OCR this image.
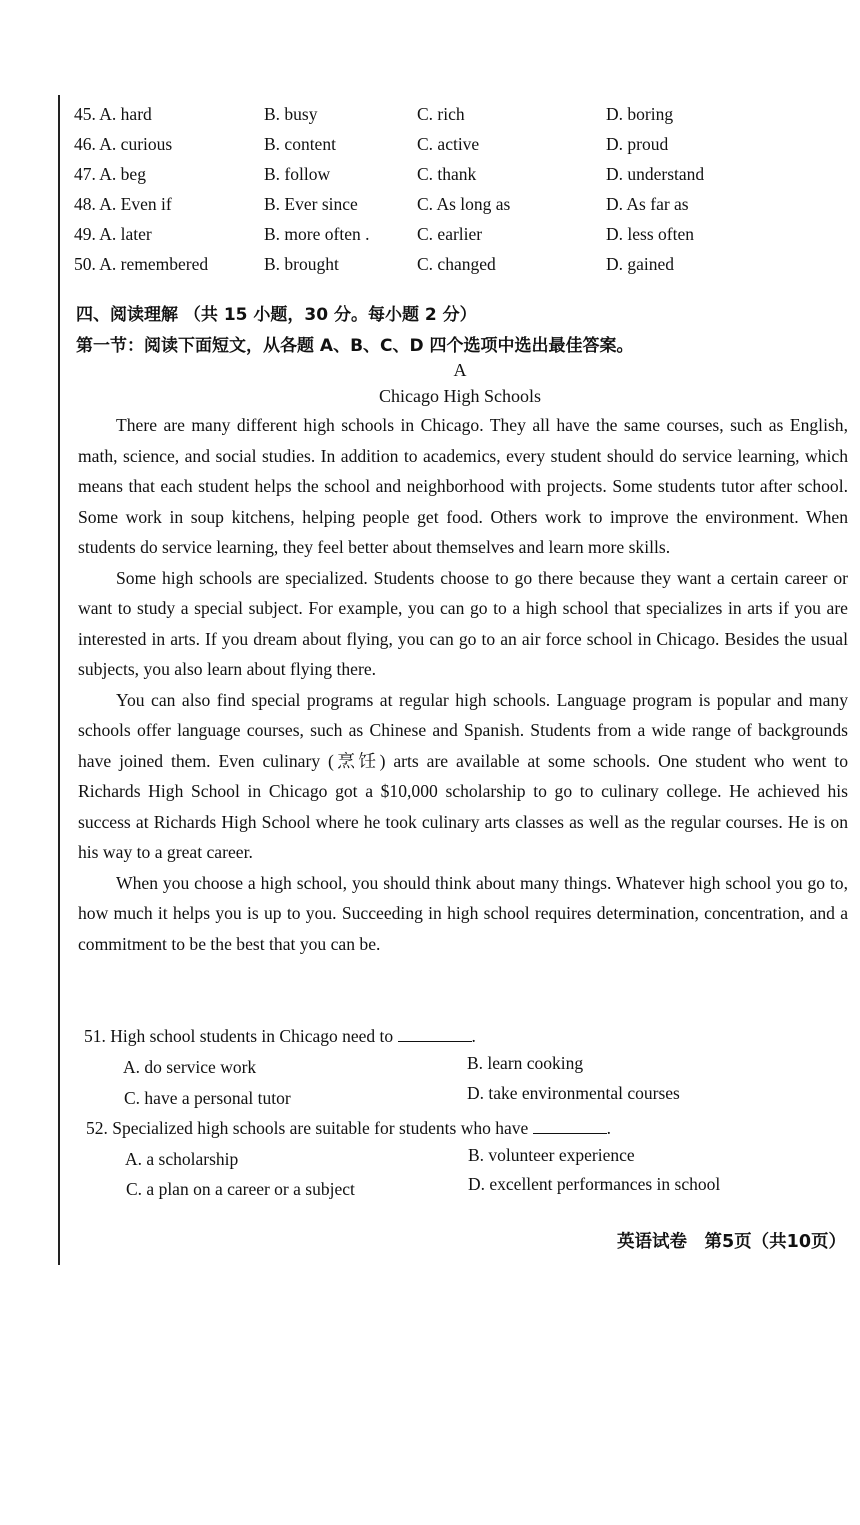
45. A. hard	B. busy	C. rich	D. boring
46. A. curious	B. content	C. active	D. proud
47. A. beg	B. follow	C. thank	D. understand
48. A. Even if	B. Ever since	C. As long as	D. As far as
49. A. later	B. more often .	C. earlier	D. less often
50. A. remembered	B. brought	C. changed	D. gained
四、阅读理解 （共 15 小题，30 分。每小题 2 分）
第一节：阅读下面短文，从各题 A、B、C、D 四个选项中选出最佳答案。
A
Chicago High Schools

There are many different high schools in Chicago. They all have the same courses, such as English, math, science, and social studies. In addition to academics, every student should do service learning, which means that each student helps the school and neighborhood with projects. Some students tutor after school. Some work in soup kitchens, helping people get food. Others work to improve the environment. When students do service learning, they feel better about themselves and learn more skills.

Some high schools are specialized. Students choose to go there because they want a certain career or want to study a special subject. For example, you can go to a high school that specializes in arts if you are interested in arts. If you dream about flying, you can go to an air force school in Chicago. Besides the usual subjects, you also learn about flying there.

You can also find special programs at regular high schools. Language program is popular and many schools offer language courses, such as Chinese and Spanish. Students from a wide range of backgrounds have joined them. Even culinary (烹饪) arts are available at some schools. One student who went to Richards High School in Chicago got a $10,000 scholarship to go to culinary college. He achieved his success at Richards High School where he took culinary arts classes as well as the regular courses. He is on his way to a great career.

When you choose a high school, you should think about many things. Whatever high school you go to, how much it helps you is up to you. Succeeding in high school requires determination, concentration, and a commitment to be the best that you can be.

51. High school students in Chicago need to	.
A. do service work	B. learn cooking
C. have a personal tutor	D. take environmental courses
52. Specialized high schools are suitable for students who have	.
A. a scholarship	B. volunteer experience
C. a plan on a career or a subject	D. excellent performances in school
英语试卷　第5页（共10页）
